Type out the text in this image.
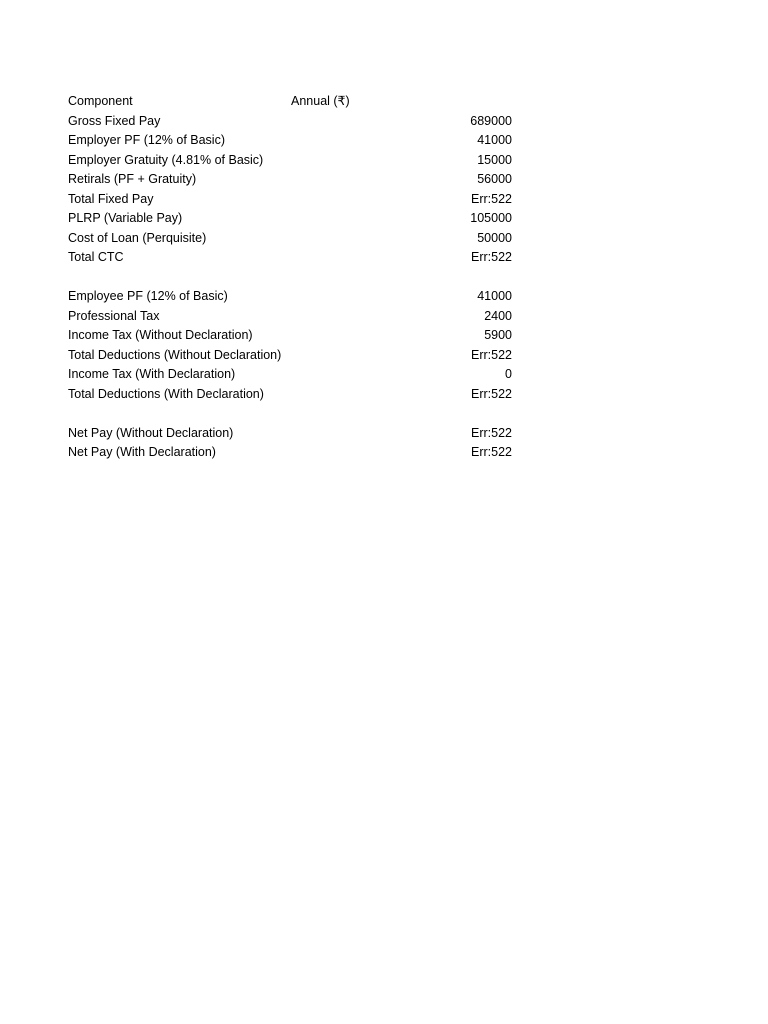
Component	Annual (₹)
Gross Fixed Pay	689000
Employer PF (12% of Basic)	41000
Employer Gratuity (4.81% of Basic)	15000
Retirals (PF + Gratuity)	56000
Total Fixed Pay	Err:522
PLRP (Variable Pay)	105000
Cost of Loan (Perquisite)	50000
Total CTC	Err:522
Employee PF (12% of Basic)	41000
Professional Tax	2400
Income Tax (Without Declaration)	5900
Total Deductions (Without Declaration)	Err:522
Income Tax (With Declaration)	0
Total Deductions (With Declaration)	Err:522
Net Pay (Without Declaration)	Err:522
Net Pay (With Declaration)	Err:522
